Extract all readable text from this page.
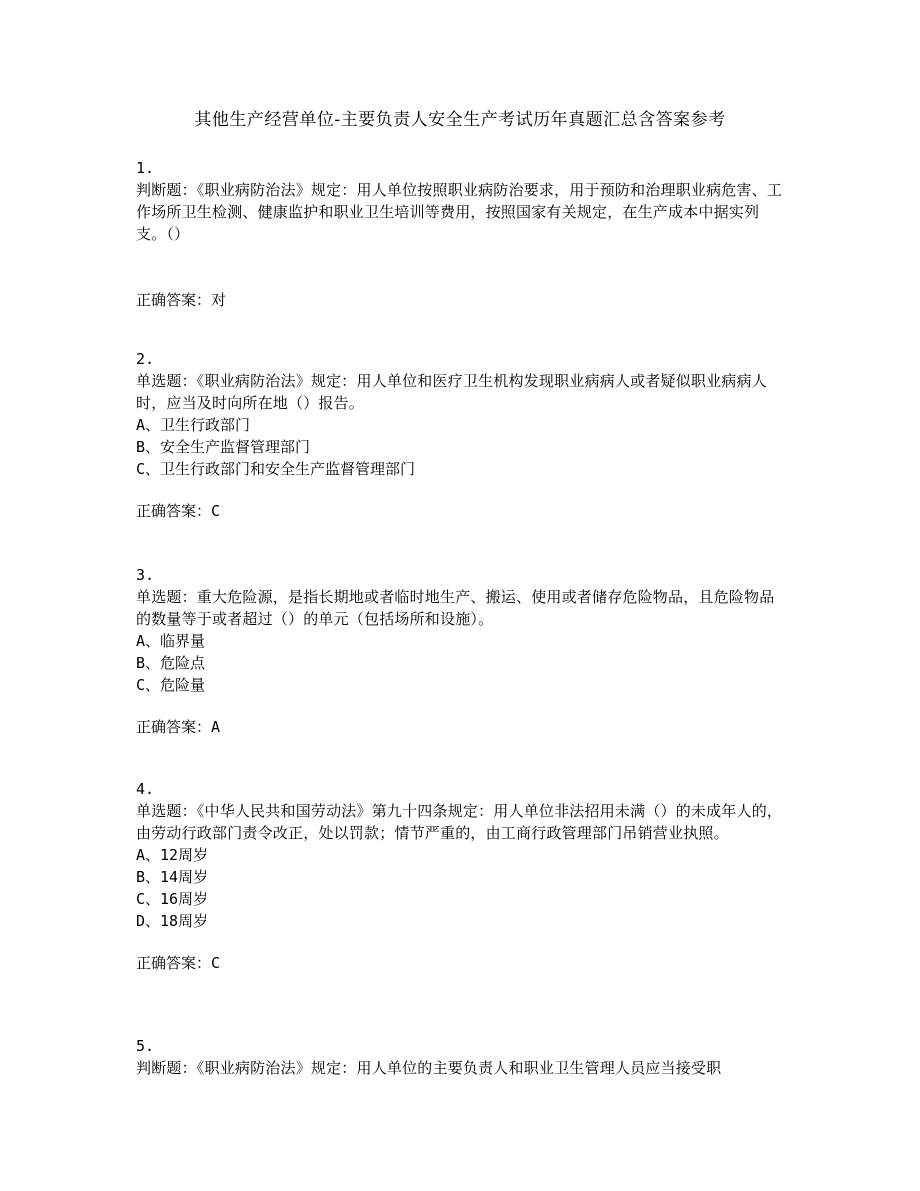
其他生产经营单位-主要负责人安全生产考试历年真题汇总含答案参考
1.
判断题：《职业病防治法》规定：用人单位按照职业病防治要求，用于预防和治理职业病危害、工作场所卫生检测、健康监护和职业卫生培训等费用，按照国家有关规定，在生产成本中据实列支。（）
正确答案：对
2.
单选题：《职业病防治法》规定：用人单位和医疗卫生机构发现职业病病人或者疑似职业病病人时，应当及时向所在地（）报告。
A、卫生行政部门
B、安全生产监督管理部门
C、卫生行政部门和安全生产监督管理部门
正确答案：C
3.
单选题：重大危险源，是指长期地或者临时地生产、搬运、使用或者储存危险物品，且危险物品的数量等于或者超过（）的单元（包括场所和设施）。
A、临界量
B、危险点
C、危险量
正确答案：A
4.
单选题：《中华人民共和国劳动法》第九十四条规定：用人单位非法招用未满（）的未成年人的，由劳动行政部门责令改正，处以罚款；情节严重的，由工商行政管理部门吊销营业执照。
A、12周岁
B、14周岁
C、16周岁
D、18周岁
正确答案：C
5.
判断题：《职业病防治法》规定：用人单位的主要负责人和职业卫生管理人员应当接受职
